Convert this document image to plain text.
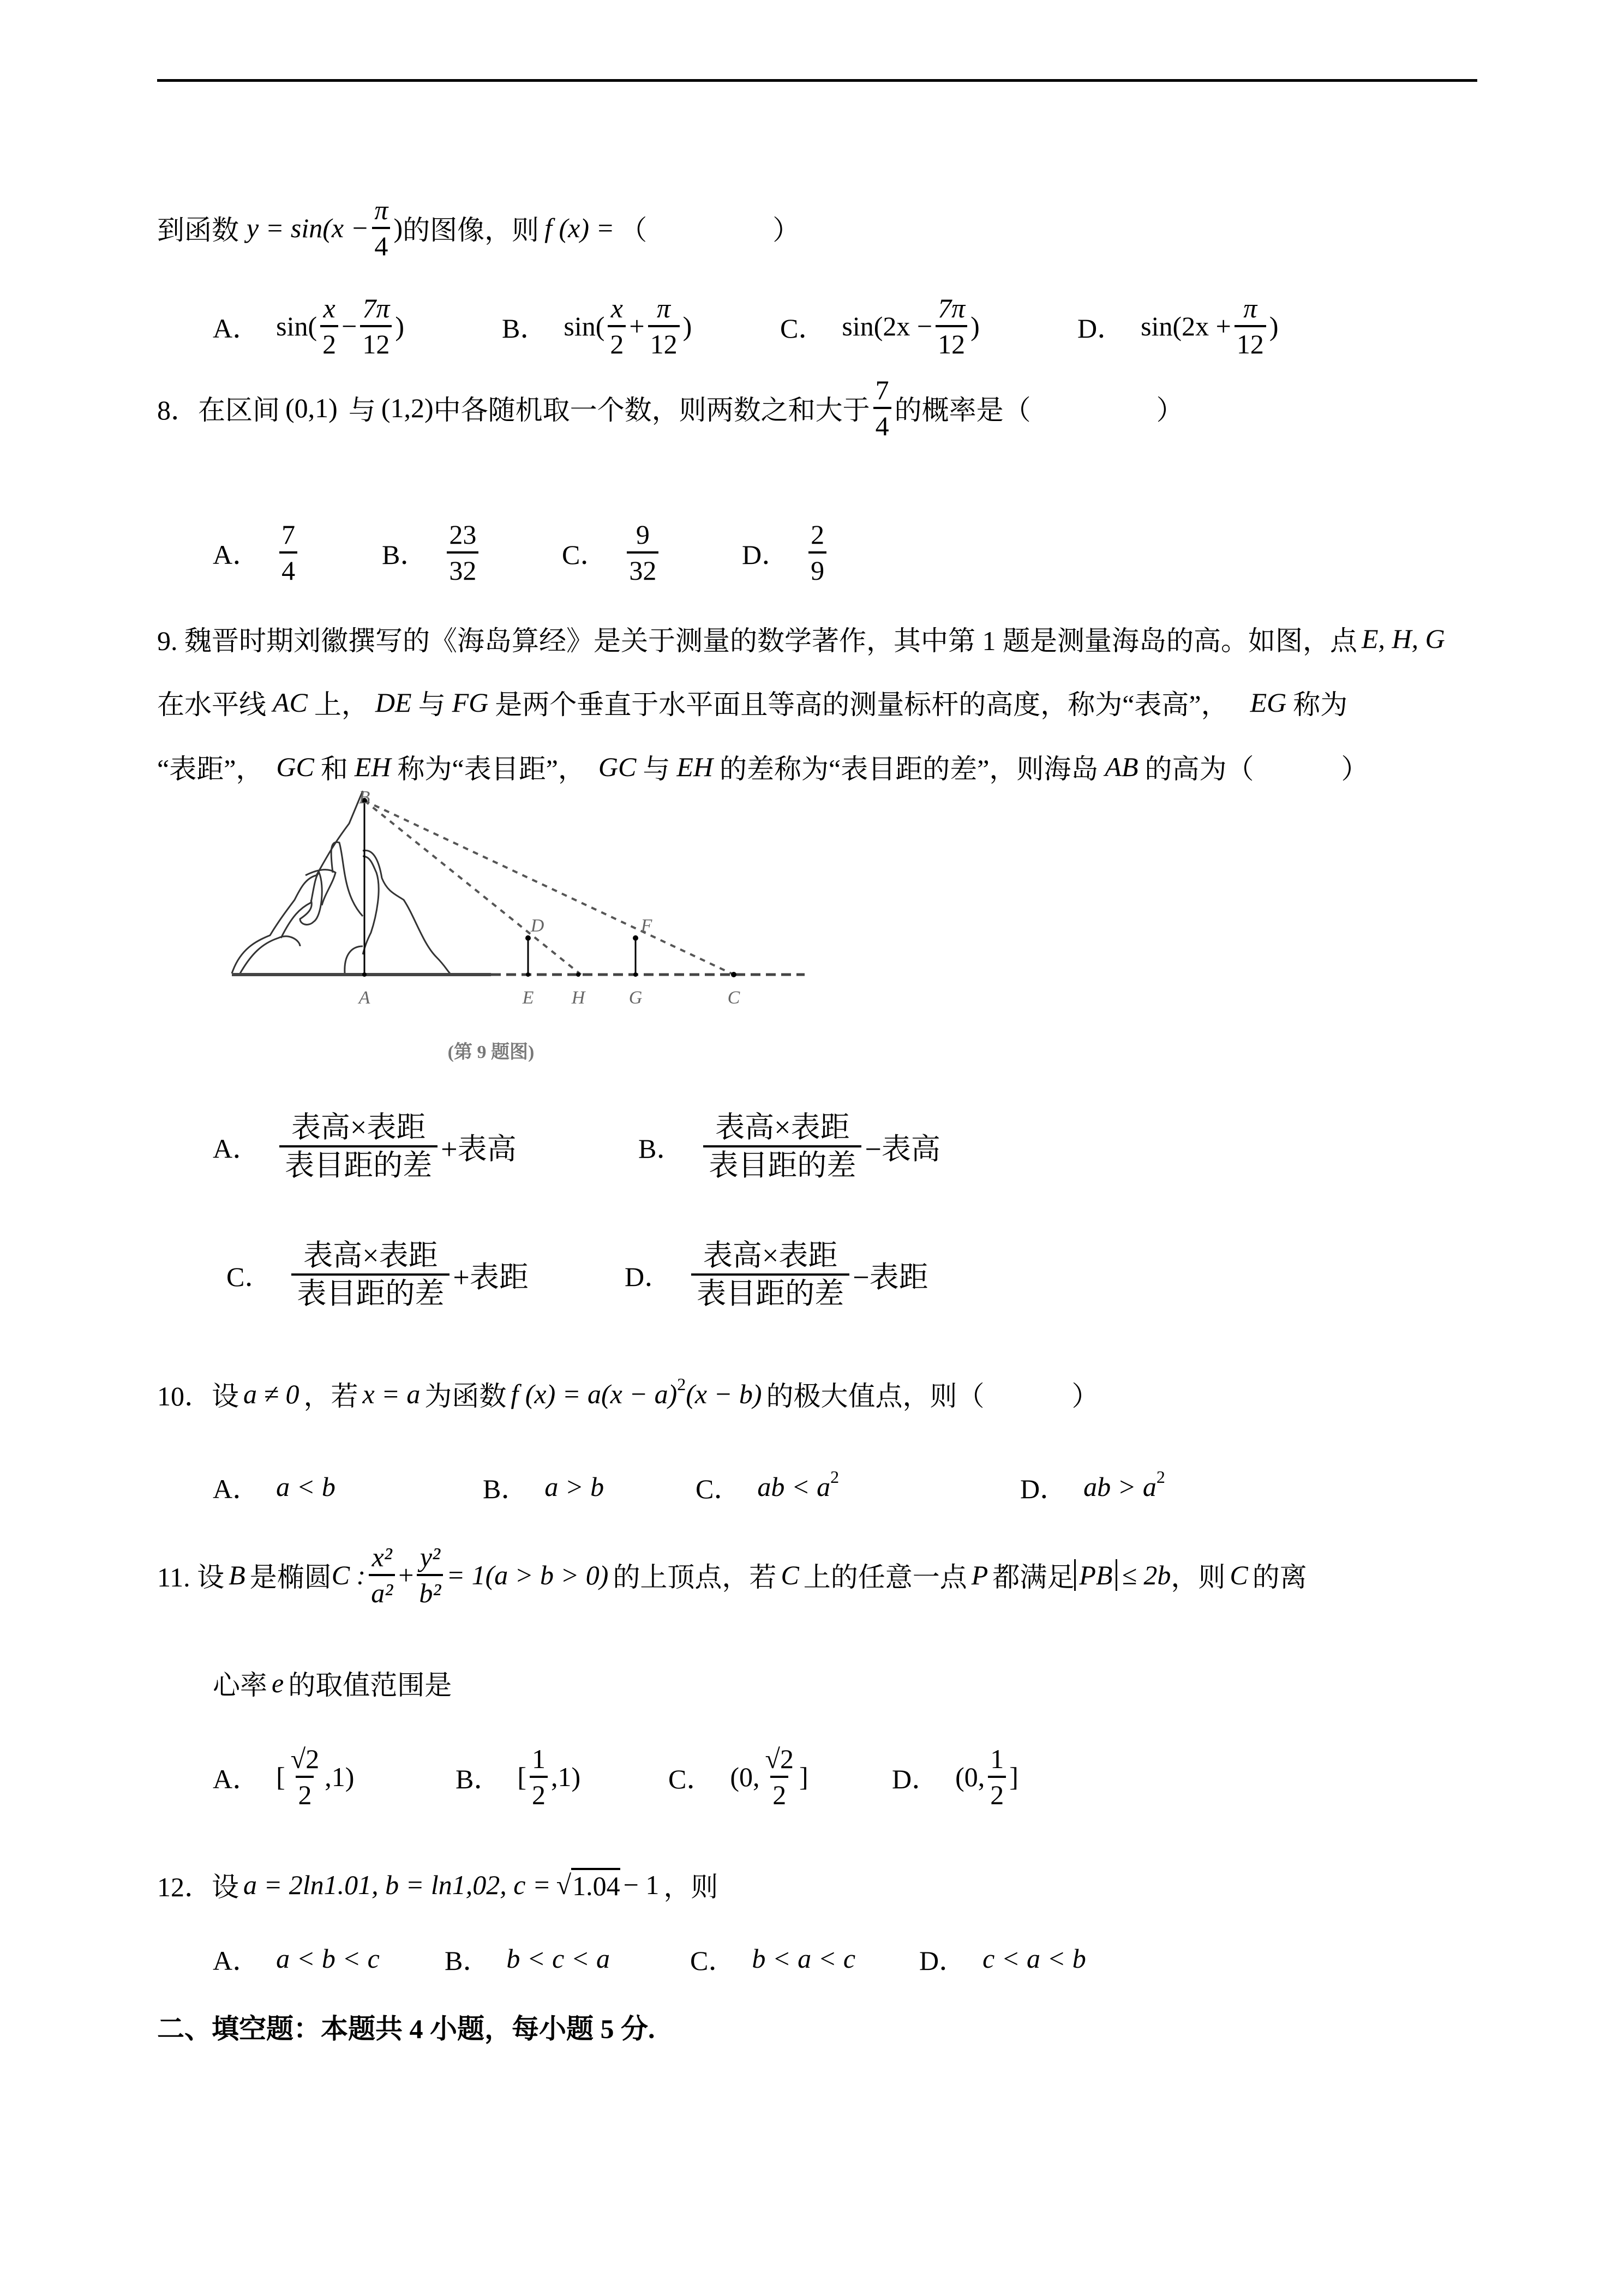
到函数 $y = \sin(x - \frac{\pi}{4}$ ) 的图像，则 f (x) = （	）
A． $\sin( \frac{x}{2} - \frac{7\pi}{12}$ )	B． $\sin( \frac{x}{2} + \frac{\pi}{12}$ )	C． $\sin(2x - \frac{7\pi}{12}$ )	D． $\sin(2x + \frac{\pi}{12}$ )
8． 在区间 (0,1) 与 (1,2) 中各随机取一个数，则两数之和大于 $\frac{7}{4}$ 的概率是（	）
A． $\frac{7}{4}$	B． $\frac{23}{32}$	C． $\frac{9}{32}$	D． $\frac{2}{9}$
9. 魏晋时期刘徽撰写的《海岛算经》是关于测量的数学著作，其中第 1 题是测量海岛的高。如图，点 E, H, G
在水平线 AC 上， DE 与 FG 是两个垂直于水平面且等高的测量标杆的高度，称为“表高”， EG 称为
“表距”， GC 和 EH 称为“表目距”， GC 与 EH 的差称为“表目距的差”，则海岛 AB 的高为（	）
B
A
D	F
E H G	C
(第 9 题图)
A． $\frac{\text{表高×表距}}{\text{表目距的差}}$ +表高	B． $\frac{\text{表高×表距}}{\text{表目距的差}}$ −表高
C． $\frac{\text{表高×表距}}{\text{表目距的差}}$ +表距	D． $\frac{\text{表高×表距}}{\text{表目距的差}}$ −表距
10．设 a ≠ 0 ，若 x = a 为函数 f (x) = a(x − a) 2 (x − b) 的极大值点，则（	）
A． a < b	B． a > b	C． ab < a 2	D． ab > a 2
11. 设 B 是椭圆 C : $\frac{\text{x²}}{\text{a²}} + \frac{\text{y²}}{\text{b²}} = 1(a > b > 0)$ 的上顶点，若 C 上的任意一点 P 都满足 PB ≤ 2b ，则 C 的离
心率 e 的取值范围是
A． [ $\frac{√2}{2} ,1$)	B． [ $\frac{1}{2} ,1$)	C． (0, $\frac{√2}{2}$ ]	D． (0, $\frac{1}{2}$ ]
12．设 a = 2ln1.01, b = ln1,02, c = √ 1.04 − 1 ，则
A． a < b < c B． b < c < a	C． b < a < c D． c < a < b
二、填空题：本题共 4 小题，每小题 5 分.
